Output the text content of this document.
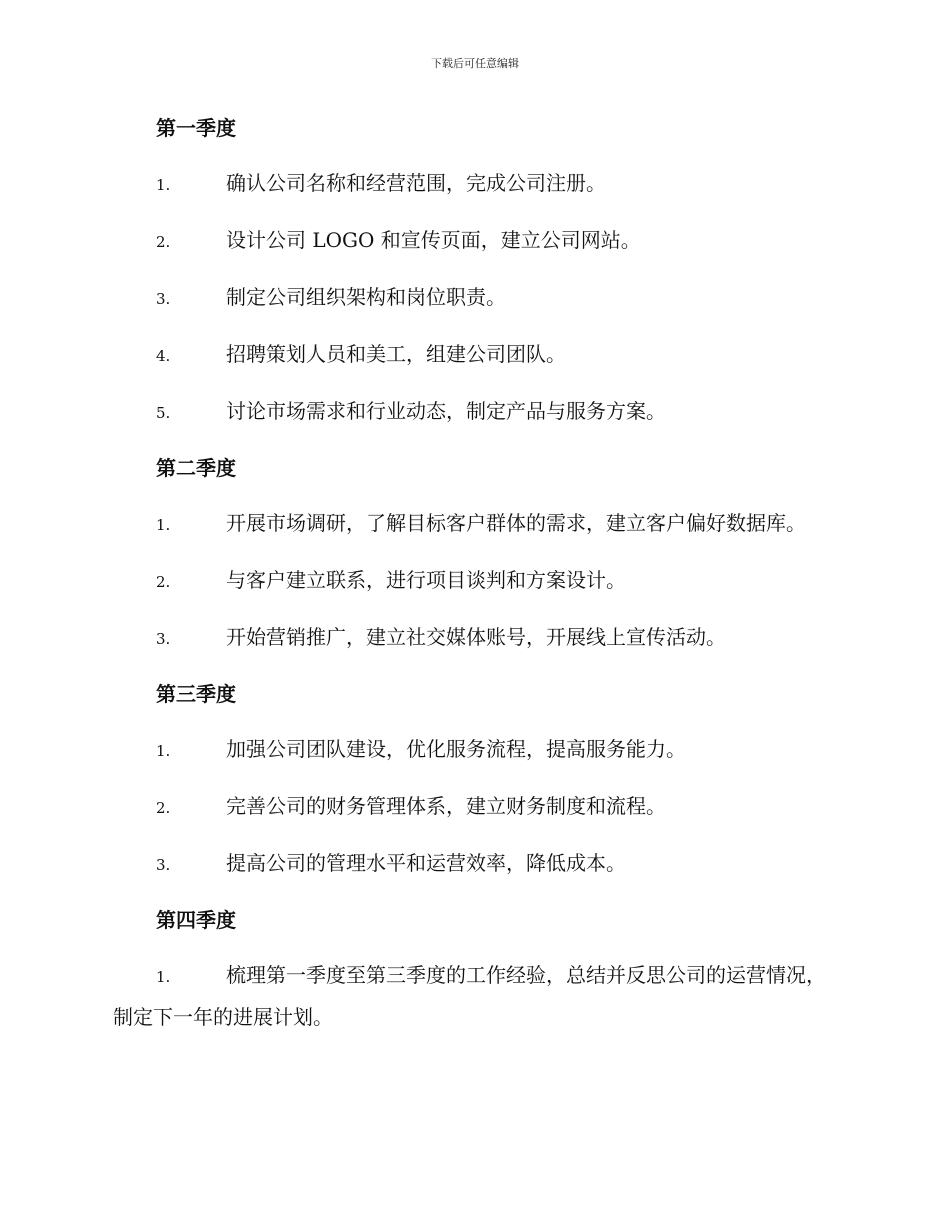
下载后可任意编辑
第一季度
1.	确认公司名称和经营范围，完成公司注册。
2.	设计公司 LOGO 和宣传页面，建立公司网站。
3.	制定公司组织架构和岗位职责。
4.	招聘策划人员和美工，组建公司团队。
5.	讨论市场需求和行业动态，制定产品与服务方案。
第二季度
1.	开展市场调研，了解目标客户群体的需求，建立客户偏好数据库。
2.	与客户建立联系，进行项目谈判和方案设计。
3.	开始营销推广，建立社交媒体账号，开展线上宣传活动。
第三季度
1.	加强公司团队建设，优化服务流程，提高服务能力。
2.	完善公司的财务管理体系，建立财务制度和流程。
3.	提高公司的管理水平和运营效率，降低成本。
第四季度
1.	梳理第一季度至第三季度的工作经验，总结并反思公司的运营情况，制定下一年的进展计划。
